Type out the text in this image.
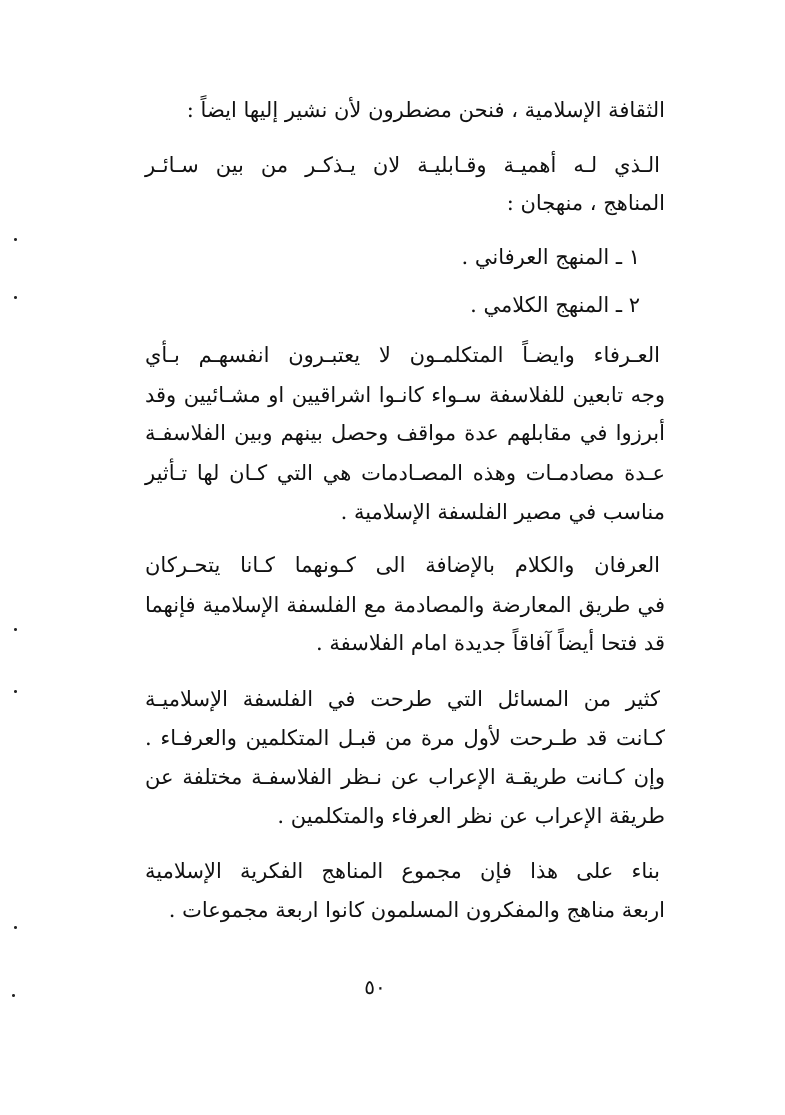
الثقافة الإسلامية ، فنحن مضطرون لأن نشير إليها ايضاً :
الـذي لـه أهميـة وقـابليـة لان يـذكـر من بين سـائـر
المناهج ، منهجان :
١ ـ المنهج العرفاني .
٢ ـ المنهج الكلامي .
العـرفاء وايضـاً المتكلمـون لا يعتبـرون انفسهـم بـأي
وجه تابعين للفلاسفة سـواء كانـوا اشراقيين او مشـائيين وقد
أبرزوا في مقابلهم عدة مواقف وحصل بينهم وبين الفلاسفـة
عـدة مصادمـات وهذه المصـادمات هي التي كـان لها تـأثير
مناسب في مصير الفلسفة الإسلامية .
العرفان والكلام بالإضافة الى كـونهما كـانا يتحـركان
في طريق المعارضة والمصادمة مع الفلسفة الإسلامية فإنهما
قد فتحا أيضاً آفاقاً جديدة امام الفلاسفة .
كثير من المسائل التي طرحت في الفلسفة الإسلاميـة
كـانت قد طـرحت لأول مرة من قبـل المتكلمين والعرفـاء .
وإن كـانت طريقـة الإعراب عن نـظر الفلاسفـة مختلفة عن
طريقة الإعراب عن نظر العرفاء والمتكلمين .
بناء على هذا فإن مجموع المناهج الفكرية الإسلامية
اربعة مناهج والمفكرون المسلمون كانوا اربعة مجموعات .
٥٠
